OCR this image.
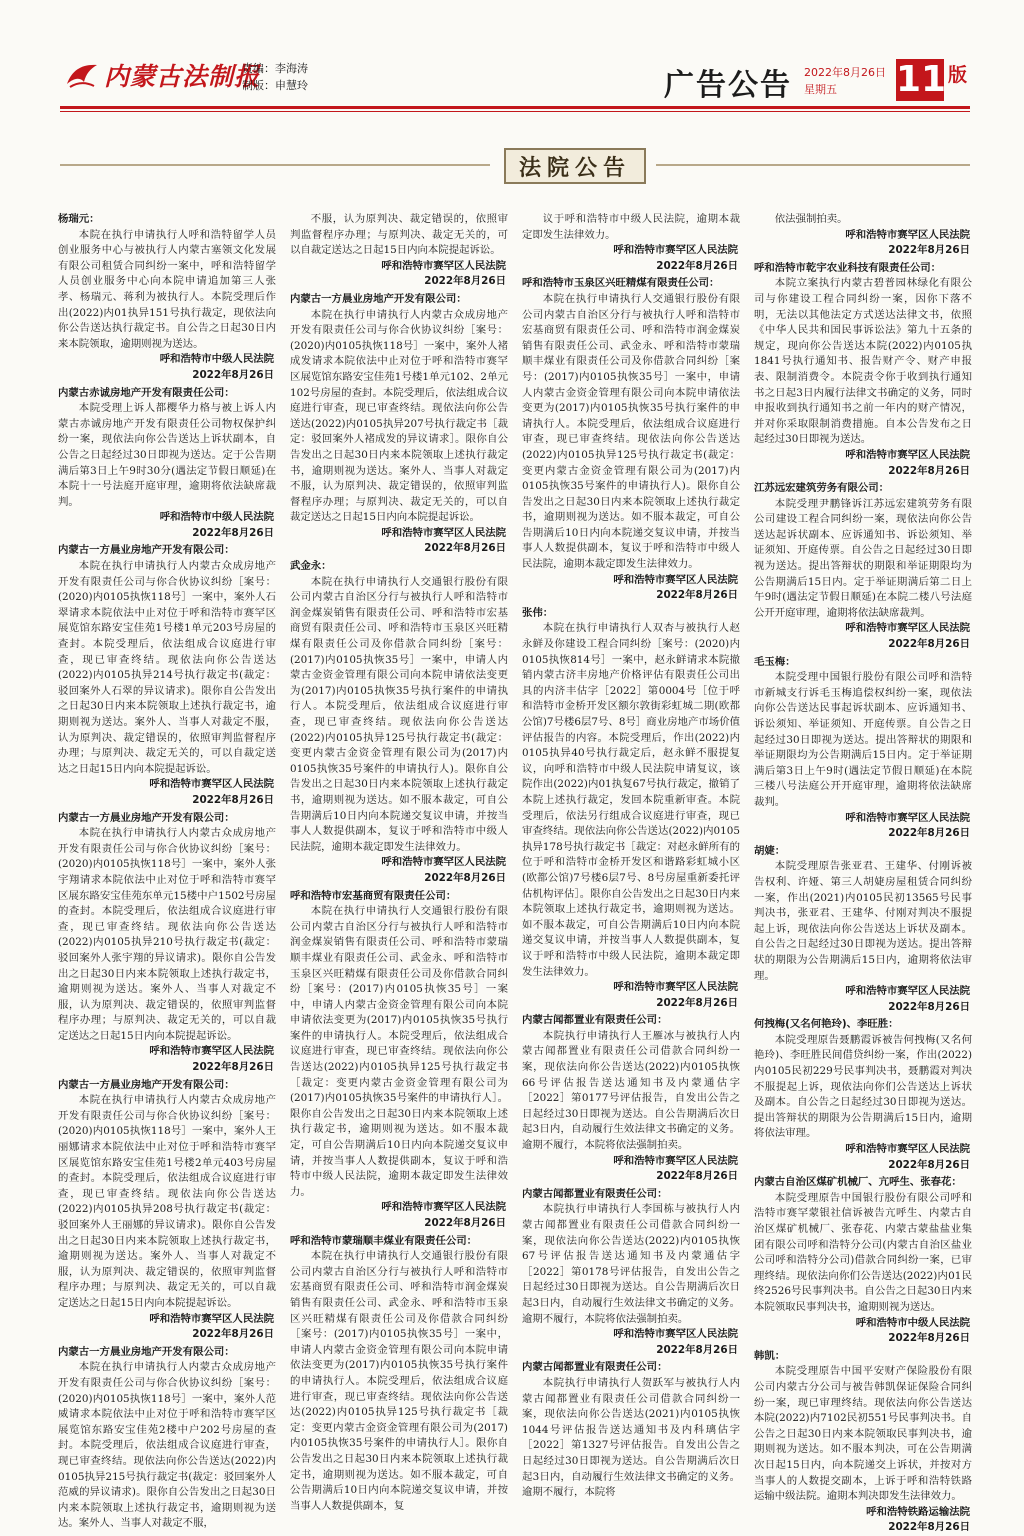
内蒙古法制报
责编：李海涛
制版：申慧玲	广告公告 2022年8月26日
星期五	11 版
法院公告

杨瑞元：

本院在执行申请执行人呼和浩特留学人员创业服务中心与被执行人内蒙古塞领文化发展有限公司租赁合同纠纷一案中，呼和浩特留学人员创业服务中心向本院申请追加第三人张孝、杨瑞元、蒋利为被执行人。本院受理后作出(2022)内01执异151号执行裁定，现依法向你公告送达执行裁定书。自公告之日起30日内来本院领取，逾期则视为送达。

呼和浩特市中级人民法院

2022年8月26日

内蒙古赤诚房地产开发有限责任公司：

本院受理上诉人都樱华力格与被上诉人内蒙古赤诚房地产开发有限责任公司物权保护纠纷一案，现依法向你公告送达上诉状副本，自公告之日起经过30日即视为送达。定于公告期满后第3日上午9时30分(遇法定节假日顺延)在本院十一号法庭开庭审理，逾期将依法缺席裁判。

呼和浩特市中级人民法院

2022年8月26日

内蒙古一方晨业房地产开发有限公司：

本院在执行申请执行人内蒙古众成房地产开发有限责任公司与你合伙协议纠纷［案号：(2020)内0105执恢118号］一案中，案外人石翠请求本院依法中止对位于呼和浩特市赛罕区展览馆东路安宝佳苑1号楼1单元203号房屋的查封。本院受理后，依法组成合议庭进行审查，现已审查终结。现依法向你公告送达(2022)内0105执异214号执行裁定书(裁定：驳回案外人石翠的异议请求)。限你自公告发出之日起30日内来本院领取上述执行裁定书，逾期则视为送达。案外人、当事人对裁定不服，认为原判决、裁定错误的，依照审判监督程序办理；与原判决、裁定无关的，可以自裁定送达之日起15日内向本院提起诉讼。

呼和浩特市赛罕区人民法院

2022年8月26日

内蒙古一方晨业房地产开发有限公司：

本院在执行申请执行人内蒙古众成房地产开发有限责任公司与你合伙协议纠纷［案号：(2020)内0105执恢118号］一案中，案外人张宇翔请求本院依法中止对位于呼和浩特市赛罕区展东路安宝佳苑东单元15楼中户1502号房屋的查封。本院受理后，依法组成合议庭进行审查，现已审查终结。现依法向你公告送达(2022)内0105执异210号执行裁定书(裁定：驳回案外人张宇翔的异议请求)。限你自公告发出之日起30日内来本院领取上述执行裁定书，逾期则视为送达。案外人、当事人对裁定不服，认为原判决、裁定错误的，依照审判监督程序办理；与原判决、裁定无关的，可以自裁定送达之日起15日内向本院提起诉讼。

呼和浩特市赛罕区人民法院

2022年8月26日

内蒙古一方晨业房地产开发有限公司：

本院在执行申请执行人内蒙古众成房地产开发有限责任公司与你合伙协议纠纷［案号：(2020)内0105执恢118号］一案中，案外人王丽娜请求本院依法中止对位于呼和浩特市赛罕区展览馆东路安宝佳苑1号楼2单元403号房屋的查封。本院受理后，依法组成合议庭进行审查，现已审查终结。现依法向你公告送达(2022)内0105执异208号执行裁定书(裁定：驳回案外人王丽娜的异议请求)。限你自公告发出之日起30日内来本院领取上述执行裁定书，逾期则视为送达。案外人、当事人对裁定不服，认为原判决、裁定错误的，依照审判监督程序办理；与原判决、裁定无关的，可以自裁定送达之日起15日内向本院提起诉讼。

呼和浩特市赛罕区人民法院

2022年8月26日

内蒙古一方晨业房地产开发有限公司：

本院在执行申请执行人内蒙古众成房地产开发有限责任公司与你合伙协议纠纷［案号：(2020)内0105执恢118号］一案中，案外人范威请求本院依法中止对位于呼和浩特市赛罕区展览馆东路安宝佳苑2楼中户202号房屋的查封。本院受理后，依法组成合议庭进行审查，现已审查终结。现依法向你公告送达(2022)内0105执异215号执行裁定书(裁定：驳回案外人范威的异议请求)。限你自公告发出之日起30日内来本院领取上述执行裁定书，逾期则视为送达。案外人、当事人对裁定不服，

不服，认为原判决、裁定错误的，依照审判监督程序办理；与原判决、裁定无关的，可以自裁定送达之日起15日内向本院提起诉讼。

呼和浩特市赛罕区人民法院

2022年8月26日

内蒙古一方晨业房地产开发有限公司：

本院在执行申请执行人内蒙古众成房地产开发有限责任公司与你合伙协议纠纷［案号：(2020)内0105执恢118号］一案中，案外人褚成发请求本院依法中止对位于呼和浩特市赛罕区展览馆东路安宝佳苑1号楼1单元102、2单元102号房屋的查封。本院受理后，依法组成合议庭进行审查，现已审查终结。现依法向你公告送达(2022)内0105执异207号执行裁定书［裁定：驳回案外人褚成发的异议请求］。限你自公告发出之日起30日内来本院领取上述执行裁定书，逾期则视为送达。案外人、当事人对裁定不服，认为原判决、裁定错误的，依照审判监督程序办理；与原判决、裁定无关的，可以自裁定送达之日起15日内向本院提起诉讼。

呼和浩特市赛罕区人民法院

2022年8月26日

武金永：

本院在执行申请执行人交通银行股份有限公司内蒙古自治区分行与被执行人呼和浩特市润金煤炭销售有限责任公司、呼和浩特市宏基商贸有限责任公司、呼和浩特市玉泉区兴旺精煤有限责任公司及你借款合同纠纷［案号：(2017)内0105执恢35号］一案中，申请人内蒙古金资金管理有限公司向本院申请依法变更为(2017)内0105执恢35号执行案件的申请执行人。本院受理后，依法组成合议庭进行审查，现已审查终结。现依法向你公告送达(2022)内0105执异125号执行裁定书(裁定：变更内蒙古金资金管理有限公司为(2017)内0105执恢35号案件的申请执行人)。限你自公告发出之日起30日内来本院领取上述执行裁定书，逾期则视为送达。如不服本裁定，可自公告期满后10日内向本院递交复议申请，并按当事人人数提供副本，复议于呼和浩特市中级人民法院，逾期本裁定即发生法律效力。

呼和浩特市赛罕区人民法院

2022年8月26日

呼和浩特市宏基商贸有限责任公司：

本院在执行申请执行人交通银行股份有限公司内蒙古自治区分行与被执行人呼和浩特市润金煤炭销售有限责任公司、呼和浩特市蒙瑞顺丰煤业有限责任公司、武金永、呼和浩特市玉泉区兴旺精煤有限责任公司及你借款合同纠纷［案号：(2017)内0105执恢35号］一案中，申请人内蒙古金资金管理有限公司向本院申请依法变更为(2017)内0105执恢35号执行案件的申请执行人。本院受理后，依法组成合议庭进行审查，现已审查终结。现依法向你公告送达(2022)内0105执异125号执行裁定书［裁定：变更内蒙古金资金管理有限公司为(2017)内0105执恢35号案件的申请执行人］。限你自公告发出之日起30日内来本院领取上述执行裁定书，逾期则视为送达。如不服本裁定，可自公告期满后10日内向本院递交复议申请，并按当事人人数提供副本，复议于呼和浩特市中级人民法院，逾期本裁定即发生法律效力。

呼和浩特市赛罕区人民法院

2022年8月26日

呼和浩特市蒙瑞顺丰煤业有限责任公司：

本院在执行申请执行人交通银行股份有限公司内蒙古自治区分行与被执行人呼和浩特市宏基商贸有限责任公司、呼和浩特市润金煤炭销售有限责任公司、武金永、呼和浩特市玉泉区兴旺精煤有限责任公司及你借款合同纠纷［案号：(2017)内0105执恢35号］一案中，申请人内蒙古金资金管理有限公司向本院申请依法变更为(2017)内0105执恢35号执行案件的申请执行人。本院受理后，依法组成合议庭进行审查，现已审查终结。现依法向你公告送达(2022)内0105执异125号执行裁定书［裁定：变更内蒙古金资金管理有限公司为(2017)内0105执恢35号案件的申请执行人］。限你自公告发出之日起30日内来本院领取上述执行裁定书，逾期则视为送达。如不服本裁定，可自公告期满后10日内向本院递交复议申请，并按当事人人数提供副本，复

议于呼和浩特市中级人民法院，逾期本裁定即发生法律效力。

呼和浩特市赛罕区人民法院

2022年8月26日

呼和浩特市玉泉区兴旺精煤有限责任公司：

本院在执行申请执行人交通银行股份有限公司内蒙古自治区分行与被执行人呼和浩特市宏基商贸有限责任公司、呼和浩特市润金煤炭销售有限责任公司、武金永、呼和浩特市蒙瑞顺丰煤业有限责任公司及你借款合同纠纷［案号：(2017)内0105执恢35号］一案中，申请人内蒙古金资金管理有限公司向本院申请依法变更为(2017)内0105执恢35号执行案件的申请执行人。本院受理后，依法组成合议庭进行审查，现已审查终结。现依法向你公告送达(2022)内0105执异125号执行裁定书(裁定：变更内蒙古金资金管理有限公司为(2017)内0105执恢35号案件的申请执行人)。限你自公告发出之日起30日内来本院领取上述执行裁定书，逾期则视为送达。如不服本裁定，可自公告期满后10日内向本院递交复议申请，并按当事人人数提供副本，复议于呼和浩特市中级人民法院，逾期本裁定即发生法律效力。

呼和浩特市赛罕区人民法院

2022年8月26日

张伟：

本院在执行申请执行人双杏与被执行人赵永鲜及你建设工程合同纠纷［案号：(2020)内0105执恢814号］一案中，赵永鲜请求本院撤销内蒙古济丰房地产价格评估有限责任公司出具的内济丰估字［2022］第0004号［位于呼和浩特市金桥开发区额尔敦街彩虹城二期(欧都公馆)7号楼6层7号、8号］商业房地产市场价值评估报告的内容。本院受理后，作出(2022)内0105执异40号执行裁定后，赵永鲜不服提复议，向呼和浩特市中级人民法院申请复议，该院作出(2022)内01执复67号执行裁定，撤销了本院上述执行裁定，发回本院重新审查。本院受理后，依法另行组成合议庭进行审查，现已审查终结。现依法向你公告送达(2022)内0105执异178号执行裁定书［裁定：对赵永鲜所有的位于呼和浩特市金桥开发区和谐路彩虹城小区(欧都公馆)7号楼6层7号、8号房屋重新委托评估机构评估］。限你自公告发出之日起30日内来本院领取上述执行裁定书，逾期则视为送达。如不服本裁定，可自公告期满后10日内向本院递交复议申请，并按当事人人数提供副本，复议于呼和浩特市中级人民法院，逾期本裁定即发生法律效力。

呼和浩特市赛罕区人民法院

2022年8月26日

内蒙古闻都置业有限责任公司：

本院执行申请执行人王雁冰与被执行人内蒙古闻都置业有限责任公司借款合同纠纷一案，现依法向你公告送达(2022)内0105执恢66号评估报告送达通知书及内蒙通估字［2022］第0177号评估报告，自发出公告之日起经过30日即视为送达。自公告期满后次日起3日内，自动履行生效法律文书确定的义务。逾期不履行，本院将依法强制拍卖。

呼和浩特市赛罕区人民法院

2022年8月26日

内蒙古闻都置业有限责任公司：

本院执行申请执行人李国栋与被执行人内蒙古闻都置业有限责任公司借款合同纠纷一案，现依法向你公告送达(2022)内0105执恢67号评估报告送达通知书及内蒙通估字［2022］第0178号评估报告，自发出公告之日起经过30日即视为送达。自公告期满后次日起3日内，自动履行生效法律文书确定的义务。逾期不履行，本院将依法强制拍卖。

呼和浩特市赛罕区人民法院

2022年8月26日

内蒙古闻都置业有限责任公司：

本院执行申请执行人贺跃军与被执行人内蒙古闻都置业有限责任公司借款合同纠纷一案，现依法向你公告送达(2021)内0105执恢1044号评估报告送达通知书及内科璃估字［2022］第1327号评估报告。自发出公告之日起经过30日即视为送达。自公告期满后次日起3日内，自动履行生效法律文书确定的义务。逾期不履行，本院将

依法强制拍卖。

呼和浩特市赛罕区人民法院

2022年8月26日

呼和浩特市乾宇农业科技有限责任公司：

本院立案执行内蒙古碧普园林绿化有限公司与你建设工程合同纠纷一案，因你下落不明，无法以其他法定方式送达法律文书，依照《中华人民共和国民事诉讼法》第九十五条的规定，现向你公告送达本院(2022)内0105执1841号执行通知书、报告财产令、财产申报表、限制消费令。本院责令你于收到执行通知书之日起3日内履行法律文书确定的义务，同时申报收到执行通知书之前一年内的财产情况，并对你采取限制消费措施。自本公告发布之日起经过30日即视为送达。

呼和浩特市赛罕区人民法院

2022年8月26日

江苏远宏建筑劳务有限公司：

本院受理尹鹏锋诉江苏远宏建筑劳务有限公司建设工程合同纠纷一案，现依法向你公告送达起诉状副本、应诉通知书、诉讼须知、举证须知、开庭传票。自公告之日起经过30日即视为送达。提出答辩状的期限和举证期限均为公告期满后15日内。定于举证期满后第二日上午9时(遇法定节假日顺延)在本院二楼八号法庭公开开庭审理，逾期将依法缺席裁判。

呼和浩特市赛罕区人民法院

2022年8月26日

毛玉梅：

本院受理中国银行股份有限公司呼和浩特市新城支行诉毛玉梅追偿权纠纷一案，现依法向你公告送达民事起诉状副本、应诉通知书、诉讼须知、举证须知、开庭传票。自公告之日起经过30日即视为送达。提出答辩状的期限和举证期限均为公告期满后15日内。定于举证期满后第3日上午9时(遇法定节假日顺延)在本院三楼八号法庭公开开庭审理，逾期将依法缺席裁判。

呼和浩特市赛罕区人民法院

2022年8月26日

胡婕：

本院受理原告张亚君、王建华、付刚诉被告权利、许娅、第三人胡婕房屋租赁合同纠纷一案，作出(2021)内0105民初13565号民事判决书，张亚君、王建华、付刚对判决不服提起上诉，现依法向你公告送达上诉状及副本。自公告之日起经过30日即视为送达。提出答辩状的期限为公告期满后15日内，逾期将依法审理。

呼和浩特市赛罕区人民法院

2022年8月26日

何拽梅(又名何艳玲)、李旺胜：

本院受理原告聂鹏霞诉被告何拽梅(又名何艳玲)、李旺胜民间借贷纠纷一案，作出(2022)内0105民初229号民事判决书，聂鹏霞对判决不服提起上诉，现依法向你们公告送达上诉状及副本。自公告之日起经过30日即视为送达。提出答辩状的期限为公告期满后15日内，逾期将依法审理。

呼和浩特市赛罕区人民法院

2022年8月26日

内蒙古自治区煤矿机械厂、亢呼生、张春花：

本院受理原告中国银行股份有限公司呼和浩特市赛罕蒙银社信诉被告亢呼生、内蒙古自治区煤矿机械厂、张春花、内蒙古蒙盐盐业集团有限公司呼和浩特分公司(内蒙古自治区盐业公司呼和浩特分公司)借款合同纠纷一案，已审理终结。现依法向你们公告送达(2022)内01民终2526号民事判决书。自公告之日起30日内来本院领取民事判决书，逾期则视为送达。

呼和浩特市中级人民法院

2022年8月26日

韩凯：

本院受理原告中国平安财产保险股份有限公司内蒙古分公司与被告韩凯保证保险合同纠纷一案，现已审理终结。现依法向你公告送达本院(2022)内7102民初551号民事判决书。自公告之日起30日内来本院领取民事判决书，逾期则视为送达。如不服本判决，可在公告期满次日起15日内，向本院递交上诉状，并按对方当事人的人数提交副本，上诉于呼和浩特铁路运输中级法院。逾期本判决即发生法律效力。

呼和浩特铁路运输法院

2022年8月26日
